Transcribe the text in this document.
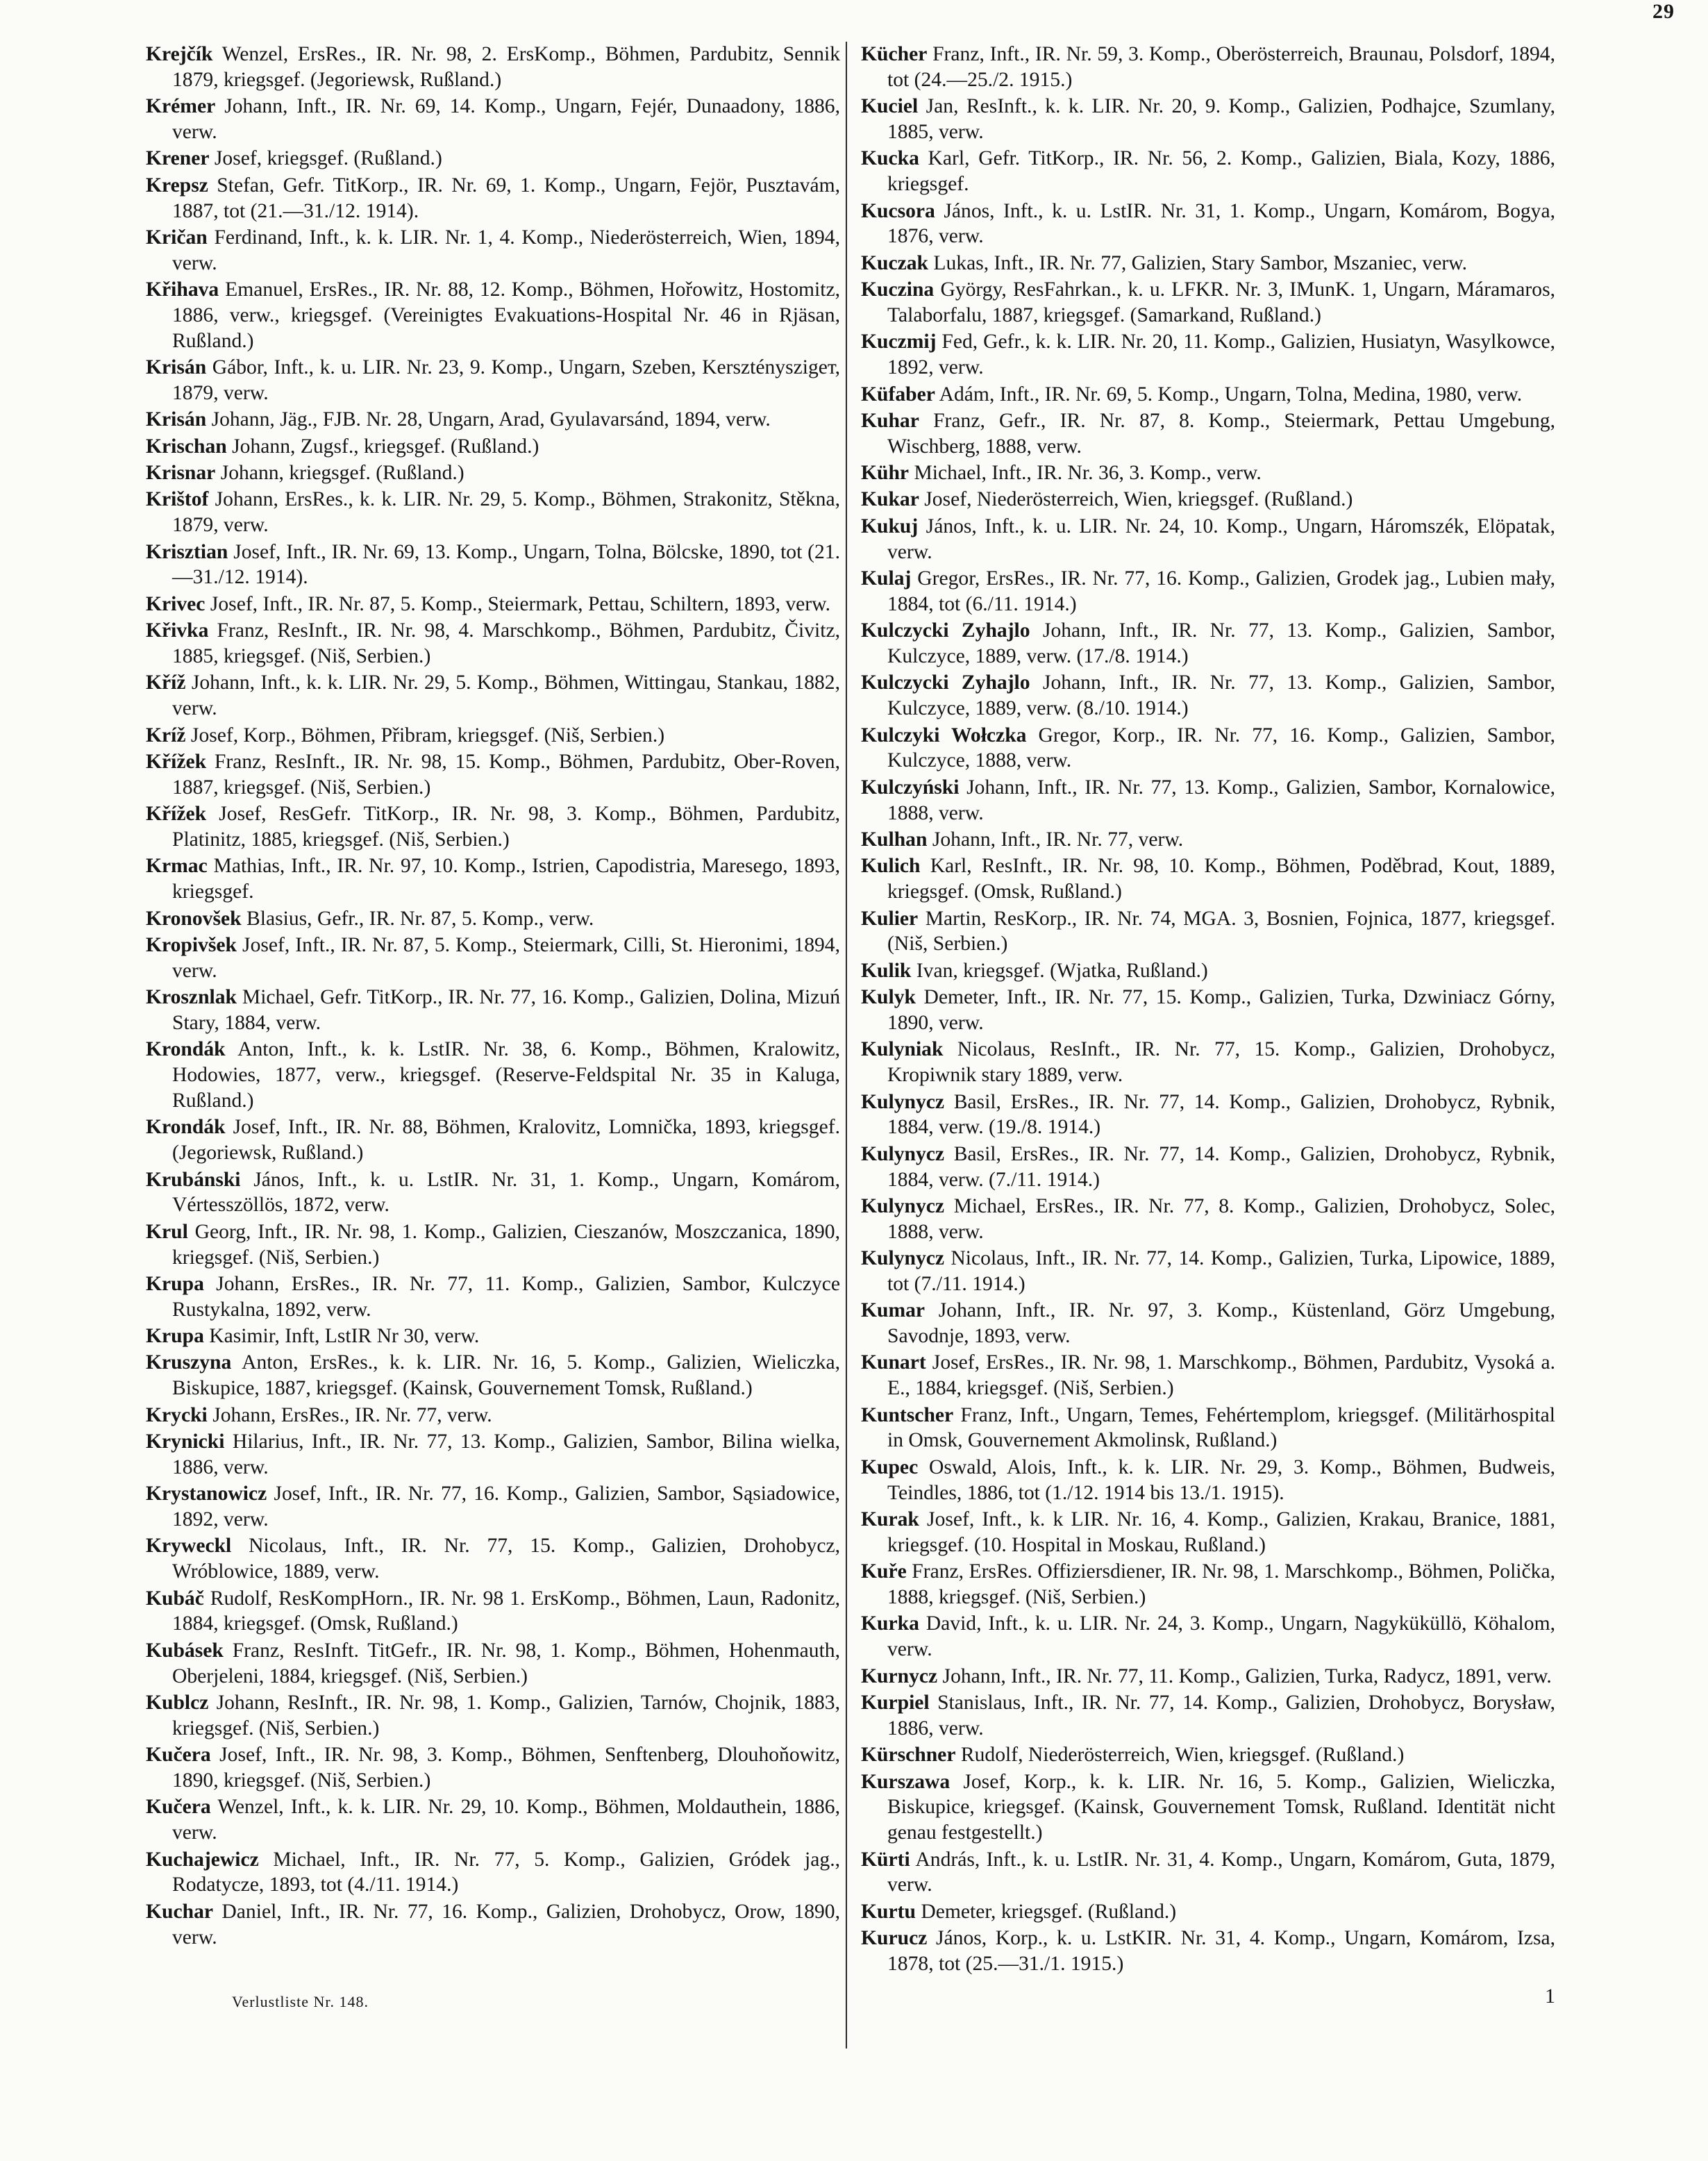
29

Krejčík Wenzel, ErsRes., IR. Nr. 98, 2. ErsKomp., Böhmen, Pardubitz, Sennik 1879, kriegsgef. (Jegoriewsk, Rußland.)

Krémer Johann, Inft., IR. Nr. 69, 14. Komp., Ungarn, Fejér, Dunaadony, 1886, verw.

Krener Josef, kriegsgef. (Rußland.)

Krepsz Stefan, Gefr. TitKorp., IR. Nr. 69, 1. Komp., Ungarn, Fejör, Pusztavám, 1887, tot (21.—31./12. 1914).

Kričan Ferdinand, Inft., k. k. LIR. Nr. 1, 4. Komp., Niederösterreich, Wien, 1894, verw.

Křihava Emanuel, ErsRes., IR. Nr. 88, 12. Komp., Böhmen, Hořowitz, Hostomitz, 1886, verw., kriegsgef. (Vereinigtes Evakuations-Hospital Nr. 46 in Rjäsan, Rußland.)

Krisán Gábor, Inft., k. u. LIR. Nr. 23, 9. Komp., Ungarn, Szeben, Kersztényszigeт, 1879, verw.

Krisán Johann, Jäg., FJB. Nr. 28, Ungarn, Arad, Gyulavarsánd, 1894, verw.

Krischan Johann, Zugsf., kriegsgef. (Rußland.)

Krisnar Johann, kriegsgef. (Rußland.)

Krištof Johann, ErsRes., k. k. LIR. Nr. 29, 5. Komp., Böhmen, Strakonitz, Stěkna, 1879, verw.

Krisztian Josef, Inft., IR. Nr. 69, 13. Komp., Ungarn, Tolna, Bölcske, 1890, tot (21.—31./12. 1914).

Krivec Josef, Inft., IR. Nr. 87, 5. Komp., Steiermark, Pettau, Schiltern, 1893, verw.

Křivka Franz, ResInft., IR. Nr. 98, 4. Marschkomp., Böhmen, Pardubitz, Čivitz, 1885, kriegsgef. (Niš, Serbien.)

Kříž Johann, Inft., k. k. LIR. Nr. 29, 5. Komp., Böhmen, Wittingau, Stankau, 1882, verw.

Kríž Josef, Korp., Böhmen, Přibram, kriegsgef. (Niš, Serbien.)

Křížek Franz, ResInft., IR. Nr. 98, 15. Komp., Böhmen, Pardubitz, Ober-Roven, 1887, kriegsgef. (Niš, Serbien.)

Křížek Josef, ResGefr. TitKorp., IR. Nr. 98, 3. Komp., Böhmen, Pardubitz, Platinitz, 1885, kriegsgef. (Niš, Serbien.)

Krmac Mathias, Inft., IR. Nr. 97, 10. Komp., Istrien, Capodistria, Maresego, 1893, kriegsgef.

Kronovšek Blasius, Gefr., IR. Nr. 87, 5. Komp., verw.

Kropivšek Josef, Inft., IR. Nr. 87, 5. Komp., Steiermark, Cilli, St. Hieronimi, 1894, verw.

Krosznlak Michael, Gefr. TitKorp., IR. Nr. 77, 16. Komp., Galizien, Dolina, Mizuń Stary, 1884, verw.

Krondák Anton, Inft., k. k. LstIR. Nr. 38, 6. Komp., Böhmen, Kralowitz, Hodowies, 1877, verw., kriegsgef. (Reserve-Feldspital Nr. 35 in Kaluga, Rußland.)

Krondák Josef, Inft., IR. Nr. 88, Böhmen, Kralovitz, Lomnička, 1893, kriegsgef. (Jegoriewsk, Rußland.)

Krubánski János, Inft., k. u. LstIR. Nr. 31, 1. Komp., Ungarn, Komárom, Vértesszöllös, 1872, verw.

Krul Georg, Inft., IR. Nr. 98, 1. Komp., Galizien, Cieszanów, Moszczanica, 1890, kriegsgef. (Niš, Serbien.)

Krupa Johann, ErsRes., IR. Nr. 77, 11. Komp., Galizien, Sambor, Kulczyce Rustykalna, 1892, verw.

Krupa Kasimir, Inft, LstIR Nr 30, verw.

Kruszyna Anton, ErsRes., k. k. LIR. Nr. 16, 5. Komp., Galizien, Wieliczka, Biskupice, 1887, kriegsgef. (Kainsk, Gouvernement Tomsk, Rußland.)

Krycki Johann, ErsRes., IR. Nr. 77, verw.

Krynicki Hilarius, Inft., IR. Nr. 77, 13. Komp., Galizien, Sambor, Bilina wielka, 1886, verw.

Krystanowicz Josef, Inft., IR. Nr. 77, 16. Komp., Galizien, Sambor, Sąsiadowice, 1892, verw.

Kryweckl Nicolaus, Inft., IR. Nr. 77, 15. Komp., Galizien, Drohobycz, Wróblowice, 1889, verw.

Kubáč Rudolf, ResKompHorn., IR. Nr. 98 1. ErsKomp., Böhmen, Laun, Radonitz, 1884, kriegsgef. (Omsk, Rußland.)

Kubásek Franz, ResInft. TitGefr., IR. Nr. 98, 1. Komp., Böhmen, Hohenmauth, Oberjeleni, 1884, kriegsgef. (Niš, Serbien.)

Kublcz Johann, ResInft., IR. Nr. 98, 1. Komp., Galizien, Tarnów, Chojnik, 1883, kriegsgef. (Niš, Serbien.)

Kučera Josef, Inft., IR. Nr. 98, 3. Komp., Böhmen, Senftenberg, Dlouhoňowitz, 1890, kriegsgef. (Niš, Serbien.)

Kučera Wenzel, Inft., k. k. LIR. Nr. 29, 10. Komp., Böhmen, Moldauthein, 1886, verw.

Kuchajewicz Michael, Inft., IR. Nr. 77, 5. Komp., Galizien, Gródek jag., Rodatycze, 1893, tot (4./11. 1914.)

Kuchar Daniel, Inft., IR. Nr. 77, 16. Komp., Galizien, Drohobycz, Orow, 1890, verw.

Kücher Franz, Inft., IR. Nr. 59, 3. Komp., Oberösterreich, Braunau, Polsdorf, 1894, tot (24.—25./2. 1915.)

Kuciel Jan, ResInft., k. k. LIR. Nr. 20, 9. Komp., Galizien, Podhajce, Szumlany, 1885, verw.

Kucka Karl, Gefr. TitKorp., IR. Nr. 56, 2. Komp., Galizien, Biala, Kozy, 1886, kriegsgef.

Kucsora János, Inft., k. u. LstIR. Nr. 31, 1. Komp., Ungarn, Komárom, Bogya, 1876, verw.

Kuczak Lukas, Inft., IR. Nr. 77, Galizien, Stary Sambor, Mszaniec, verw.

Kuczina György, ResFahrkan., k. u. LFKR. Nr. 3, IMunK. 1, Ungarn, Máramaros, Talaborfalu, 1887, kriegsgef. (Samarkand, Rußland.)

Kuczmij Fed, Gefr., k. k. LIR. Nr. 20, 11. Komp., Galizien, Husiatyn, Wasylkowce, 1892, verw.

Küfaber Adám, Inft., IR. Nr. 69, 5. Komp., Ungarn, Tolna, Medina, 1980, verw.

Kuhar Franz, Gefr., IR. Nr. 87, 8. Komp., Steiermark, Pettau Umgebung, Wischberg, 1888, verw.

Kühr Michael, Inft., IR. Nr. 36, 3. Komp., verw.

Kukar Josef, Niederösterreich, Wien, kriegsgef. (Rußland.)

Kukuj János, Inft., k. u. LIR. Nr. 24, 10. Komp., Ungarn, Háromszék, Elöpatak, verw.

Kulaj Gregor, ErsRes., IR. Nr. 77, 16. Komp., Galizien, Grodek jag., Lubien mały, 1884, tot (6./11. 1914.)

Kulczycki Zyhajlo Johann, Inft., IR. Nr. 77, 13. Komp., Galizien, Sambor, Kulczyce, 1889, verw. (17./8. 1914.)

Kulczycki Zyhajlo Johann, Inft., IR. Nr. 77, 13. Komp., Galizien, Sambor, Kulczyce, 1889, verw. (8./10. 1914.)

Kulczyki Wołczka Gregor, Korp., IR. Nr. 77, 16. Komp., Galizien, Sambor, Kulczyce, 1888, verw.

Kulczyński Johann, Inft., IR. Nr. 77, 13. Komp., Galizien, Sambor, Kornalowice, 1888, verw.

Kulhan Johann, Inft., IR. Nr. 77, verw.

Kulich Karl, ResInft., IR. Nr. 98, 10. Komp., Böhmen, Poděbrad, Kout, 1889, kriegsgef. (Omsk, Rußland.)

Kulier Martin, ResKorp., IR. Nr. 74, MGA. 3, Bosnien, Fojnica, 1877, kriegsgef. (Niš, Serbien.)

Kulik Ivan, kriegsgef. (Wjatka, Rußland.)

Kulyk Demeter, Inft., IR. Nr. 77, 15. Komp., Galizien, Turka, Dzwiniacz Górny, 1890, verw.

Kulyniak Nicolaus, ResInft., IR. Nr. 77, 15. Komp., Galizien, Drohobycz, Kropiwnik stary 1889, verw.

Kulynycz Basil, ErsRes., IR. Nr. 77, 14. Komp., Galizien, Drohobycz, Rybnik, 1884, verw. (19./8. 1914.)

Kulynycz Basil, ErsRes., IR. Nr. 77, 14. Komp., Galizien, Drohobycz, Rybnik, 1884, verw. (7./11. 1914.)

Kulynycz Michael, ErsRes., IR. Nr. 77, 8. Komp., Galizien, Drohobycz, Solec, 1888, verw.

Kulynycz Nicolaus, Inft., IR. Nr. 77, 14. Komp., Galizien, Turka, Lipowice, 1889, tot (7./11. 1914.)

Kumar Johann, Inft., IR. Nr. 97, 3. Komp., Küstenland, Görz Umgebung, Savodnje, 1893, verw.

Kunart Josef, ErsRes., IR. Nr. 98, 1. Marschkomp., Böhmen, Pardubitz, Vysoká a. E., 1884, kriegsgef. (Niš, Serbien.)

Kuntscher Franz, Inft., Ungarn, Temes, Fehértemplom, kriegsgef. (Militärhospital in Omsk, Gouvernement Akmolinsk, Rußland.)

Kupec Oswald, Alois, Inft., k. k. LIR. Nr. 29, 3. Komp., Böhmen, Budweis, Teindles, 1886, tot (1./12. 1914 bis 13./1. 1915).

Kurak Josef, Inft., k. k LIR. Nr. 16, 4. Komp., Galizien, Krakau, Branice, 1881, kriegsgef. (10. Hospital in Moskau, Rußland.)

Kuře Franz, ErsRes. Offiziersdiener, IR. Nr. 98, 1. Marschkomp., Böhmen, Polička, 1888, kriegsgef. (Niš, Serbien.)

Kurka David, Inft., k. u. LIR. Nr. 24, 3. Komp., Ungarn, Nagyküküllö, Köhalom, verw.

Kurnycz Johann, Inft., IR. Nr. 77, 11. Komp., Galizien, Turka, Radycz, 1891, verw.

Kurpiel Stanislaus, Inft., IR. Nr. 77, 14. Komp., Galizien, Drohobycz, Borysław, 1886, verw.

Kürschner Rudolf, Niederösterreich, Wien, kriegsgef. (Rußland.)

Kurszawa Josef, Korp., k. k. LIR. Nr. 16, 5. Komp., Galizien, Wieliczka, Biskupice, kriegsgef. (Kainsk, Gouvernement Tomsk, Rußland. Identität nicht genau festgestellt.)

Kürti András, Inft., k. u. LstIR. Nr. 31, 4. Komp., Ungarn, Komárom, Guta, 1879, verw.

Kurtu Demeter, kriegsgef. (Rußland.)

Kurucz János, Korp., k. u. LstKIR. Nr. 31, 4. Komp., Ungarn, Komárom, Izsa, 1878, tot (25.—31./1. 1915.)

Verlustliste Nr. 148.	1
